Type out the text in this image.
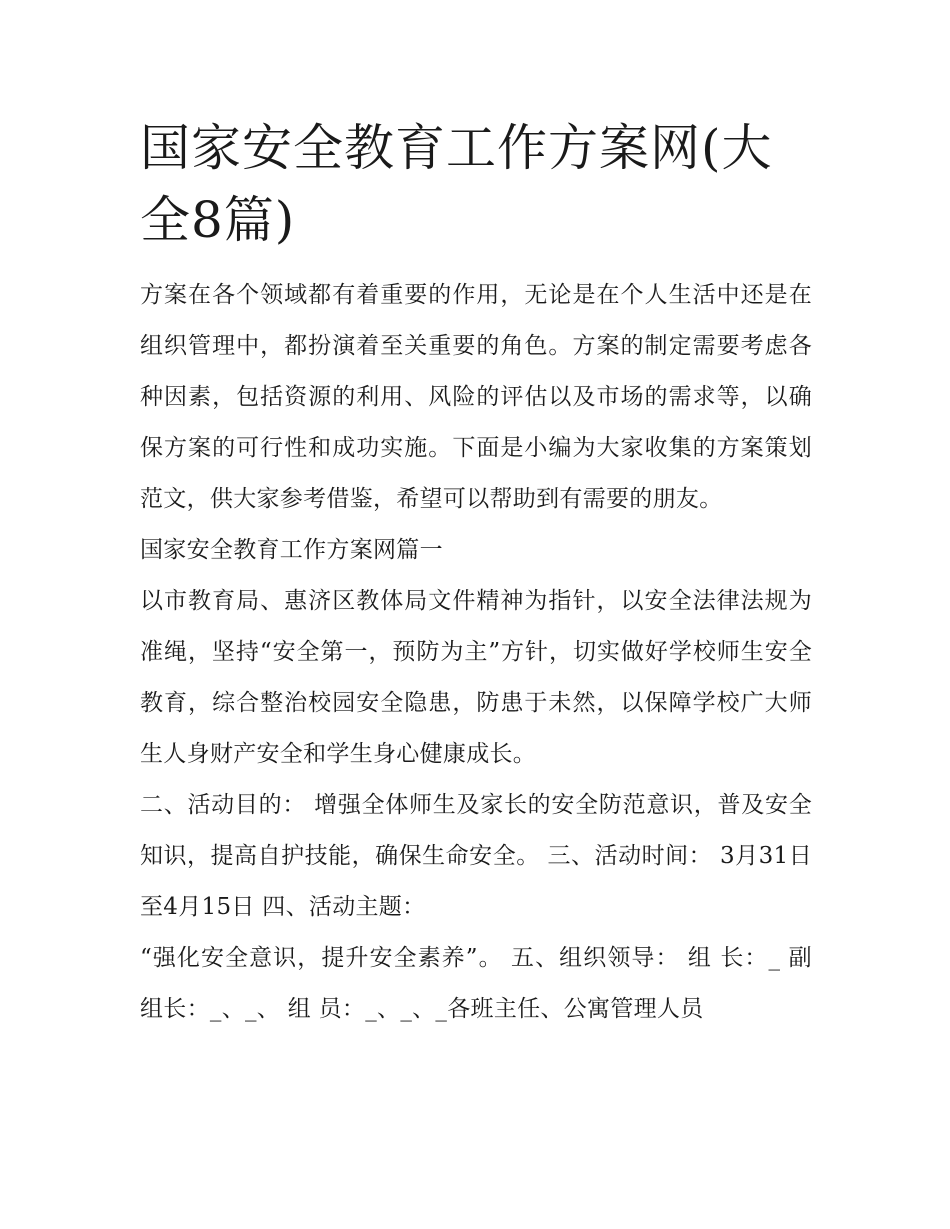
国家安全教育工作方案网(大全8篇)

方案在各个领域都有着重要的作用，无论是在个人生活中还是在组织管理中，都扮演着至关重要的角色。方案的制定需要考虑各种因素，包括资源的利用、风险的评估以及市场的需求等，以确保方案的可行性和成功实施。下面是小编为大家收集的方案策划范文，供大家参考借鉴，希望可以帮助到有需要的朋友。

国家安全教育工作方案网篇一

以市教育局、惠济区教体局文件精神为指针，以安全法律法规为准绳，坚持“安全第一，预防为主”方针，切实做好学校师生安全教育，综合整治校园安全隐患，防患于未然，以保障学校广大师生人身财产安全和学生身心健康成长。

二、活动目的： 增强全体师生及家长的安全防范意识，普及安全知识，提高自护技能，确保生命安全。 三、活动时间： 3月31日至4月15日 四、活动主题：

“强化安全意识，提升安全素养”。 五、组织领导： 组 长：_ 副组长：_、_、 组 员：_、_、_各班主任、公寓管理人员
